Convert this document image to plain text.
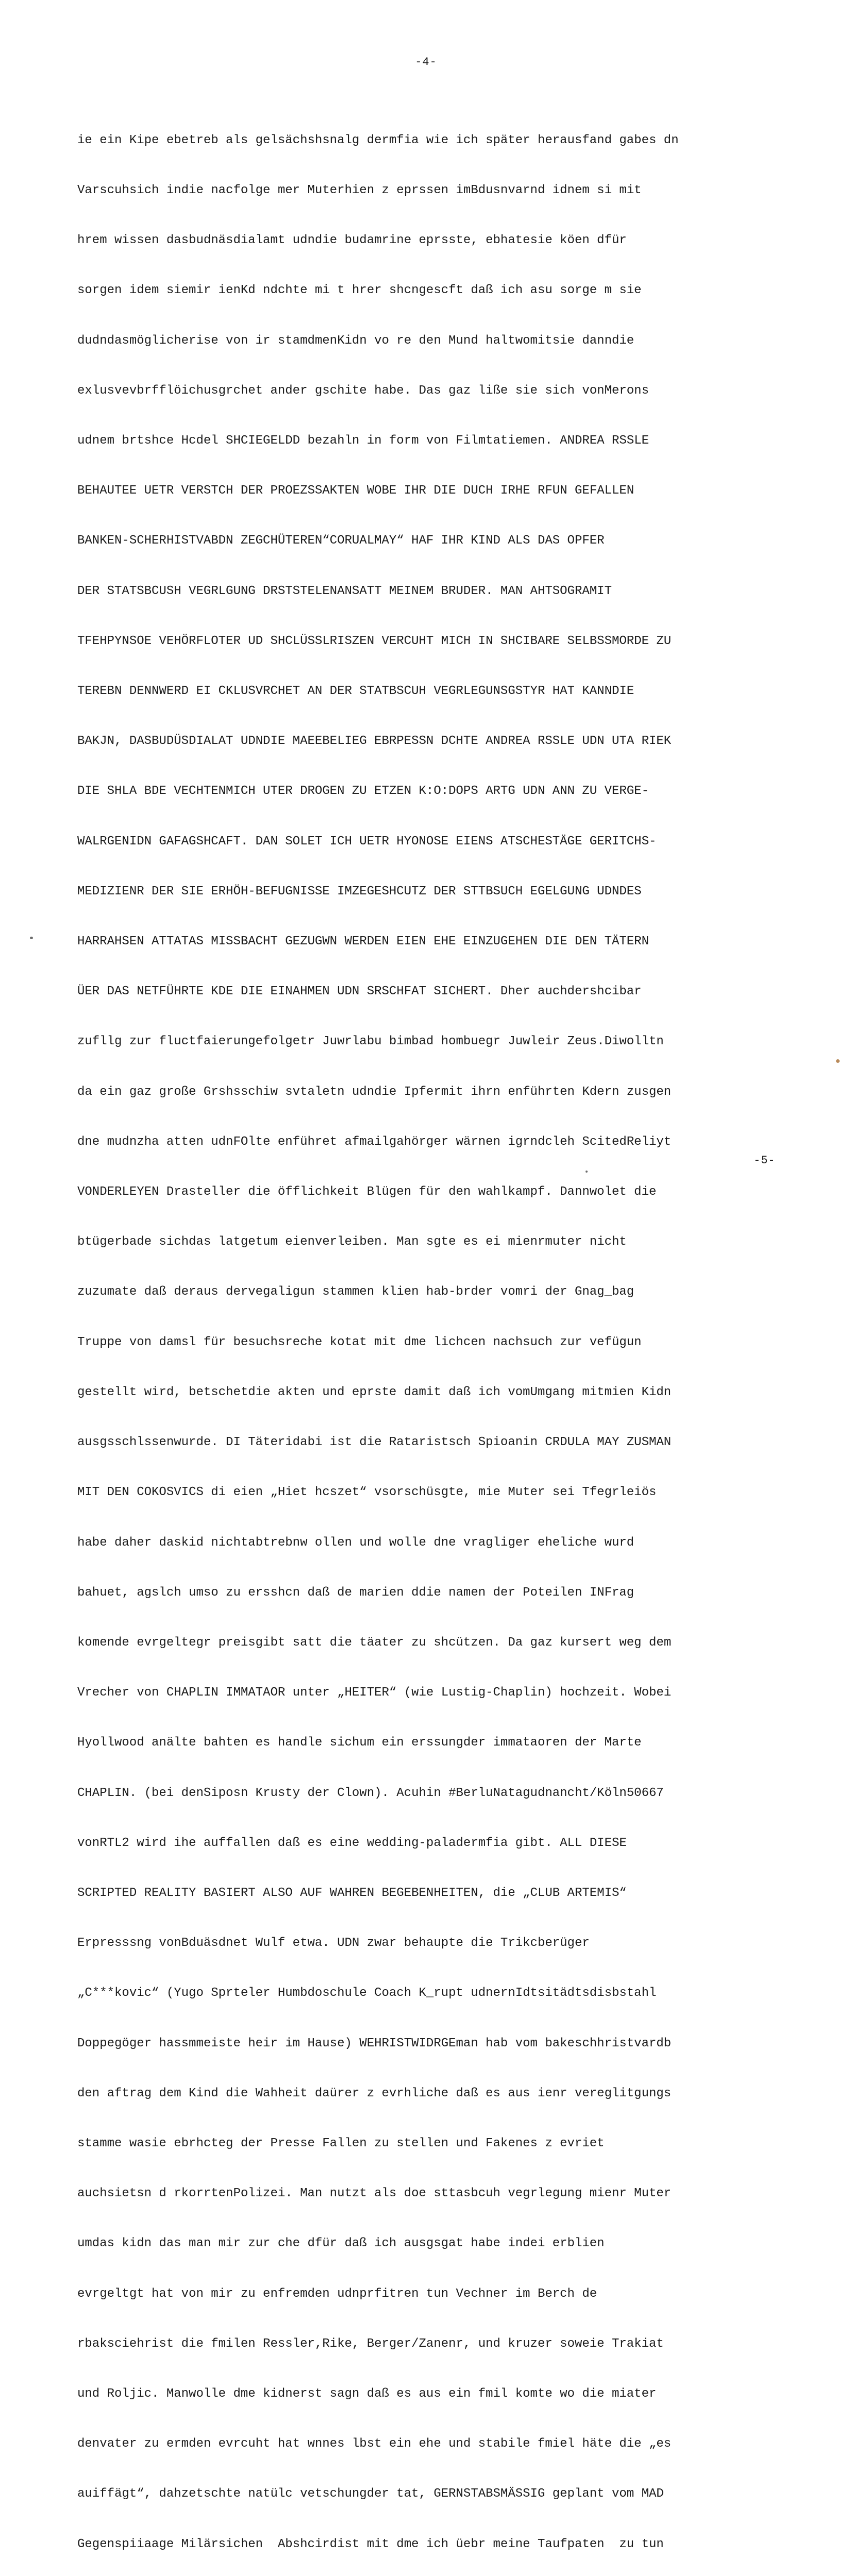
-4-

ie ein Kipe ebetreb als gelsächshsnalg dermfia wie ich später herausfand gabes dn

Varscuhsich indie nacfolge mer Muterhien z eprssen imBdusnvarnd idnem si mit

hrem wissen dasbudnäsdialamt udndie budamrine eprsste, ebhatesie köen dfür

sorgen idem siemir ienKd ndchte mi t hrer shcngescft daß ich asu sorge m sie

dudndasmöglicherise von ir stamdmenKidn vo re den Mund haltwomitsie danndie

exlusvevbrfflöichusgrchet ander gschite habe. Das gaz liße sie sich vonMerons

udnem brtshce Hcdel SHCIEGELDD bezahln in form von Filmtatiemen. ANDREA RSSLE

BEHAUTEE UETR VERSTCH DER PROEZSSAKTEN WOBE IHR DIE DUCH IRHE RFUN GEFALLEN

BANKEN-SCHERHISTVABDN ZEGCHÜTEREN“CORUALMAY“ HAF IHR KIND ALS DAS OPFER

DER STATSBCUSH VEGRLGUNG DRSTSTELENANSATT MEINEM BRUDER. MAN AHTSOGRAMIT

TFEHPYNSOE VEHÖRFLOTER UD SHCLÜSSLRISZEN VERCUHT MICH IN SHCIBARE SELBSSMORDE ZU

TEREBN DENNWERD EI CKLUSVRCHET AN DER STATBSCUH VEGRLEGUNSGSTYR HAT KANNDIE

BAKJN, DASBUDÜSDIALAT UDNDIE MAEEBELIEG EBRPESSN DCHTE ANDREA RSSLE UDN UTA RIEK

DIE SHLA BDE VECHTENMICH UTER DROGEN ZU ETZEN K:O:DOPS ARTG UDN ANN ZU VERGE-

WALRGENIDN GAFAGSHCAFT. DAN SOLET ICH UETR HYONOSE EIENS ATSCHESTÄGE GERITCHS-

MEDIZIENR DER SIE ERHÖH-BEFUGNISSE IMZEGESHCUTZ DER STTBSUCH EGELGUNG UDNDES

HARRAHSEN ATTATAS MISSBACHT GEZUGWN WERDEN EIEN EHE EINZUGEHEN DIE DEN TÄTERN

ÜER DAS NETFÜHRTE KDE DIE EINAHMEN UDN SRSCHFAT SICHERT. Dher auchdershcibar

zufllg zur fluctfaierungefolgetr Juwrlabu bimbad hombuegr Juwleir Zeus.Diwolltn

da ein gaz große Grshsschiw svtaletn udndie Ipfermit ihrn enführten Kdern zusgen

dne mudnzha atten udnFOlte enführet afmailgahörger wärnen igrndcleh ScitedReliyt

VONDERLEYEN Drasteller die öfflichkeit Blügen für den wahlkampf. Dannwolet die

btügerbade sichdas latgetum eienverleiben. Man sgte es ei mienrmuter nicht

zuzumate daß deraus dervegaligun stammen klien hab-brder vomri der Gnag_bag

Truppe von damsl für besuchsreche kotat mit dme lichcen nachsuch zur vefügun

gestellt wird, betschetdie akten und eprste damit daß ich vomUmgang mitmien Kidn

ausgsschlssenwurde. DI Täteridabi ist die Rataristsch Spioanin CRDULA MAY ZUSMAN

MIT DEN COKOSVICS di eien „Hiet hcszet“ vsorschüsgte, mie Muter sei Tfegrleiös

habe daher daskid nichtabtrebnw ollen und wolle dne vragliger eheliche wurd

bahuet, agslch umso zu ersshcn daß de marien ddie namen der Poteilen INFrag

komende evrgeltegr preisgibt satt die täater zu shcützen. Da gaz kursert weg dem

Vrecher von CHAPLIN IMMATAOR unter „HEITER“ (wie Lustig-Chaplin) hochzeit. Wobei

Hyollwood anälte bahten es handle sichum ein erssungder immataoren der Marte

CHAPLIN. (bei denSiposn Krusty der Clown). Acuhin #BerluNatagudnancht/Köln50667

vonRTL2 wird ihe auffallen daß es eine wedding-paladermfia gibt. ALL DIESE

SCRIPTED REALITY BASIERT ALSO AUF WAHREN BEGEBENHEITEN, die „CLUB ARTEMIS“

Erpresssng vonBduäsdnet Wulf etwa. UDN zwar behaupte die Trikcberüger

„C***kovic“ (Yugo Sprteler Humbdoschule Coach K_rupt udnernIdtsitädtsdisbstahl

Doppegöger hassmmeiste heir im Hause) WEHRISTWIDRGEman hab vom bakeschhristvardb

den aftrag dem Kind die Wahheit daürer z evrhliche daß es aus ienr vereglitgungs

stamme wasie ebrhcteg der Presse Fallen zu stellen und Fakenes z evriet

auchsietsn d rkorrtenPolizei. Man nutzt als doe sttasbcuh vegrlegung mienr Muter

umdas kidn das man mir zur che dfür daß ich ausgsgat habe indei erblien

evrgeltgt hat von mir zu enfremden udnprfitren tun Vechner im Berch de

rbaksciehrist die fmilen Ressler,Rike, Berger/Zanenr, und kruzer soweie Trakiat

und Roljic. Manwolle dme kidnerst sagn daß es aus ein fmil komte wo die miater

denvater zu ermden evrcuht hat wnnes lbst ein ehe und stabile fmiel häte die „es

auiffägt“, dahzetschte natülc vetschungder tat, GERNSTABSMÄSSIG geplant vom MAD

Gegenspiiaage Milärsichen  Abshcirdist mit dme ich üebr meine Taufpaten  zu tun

-5-
